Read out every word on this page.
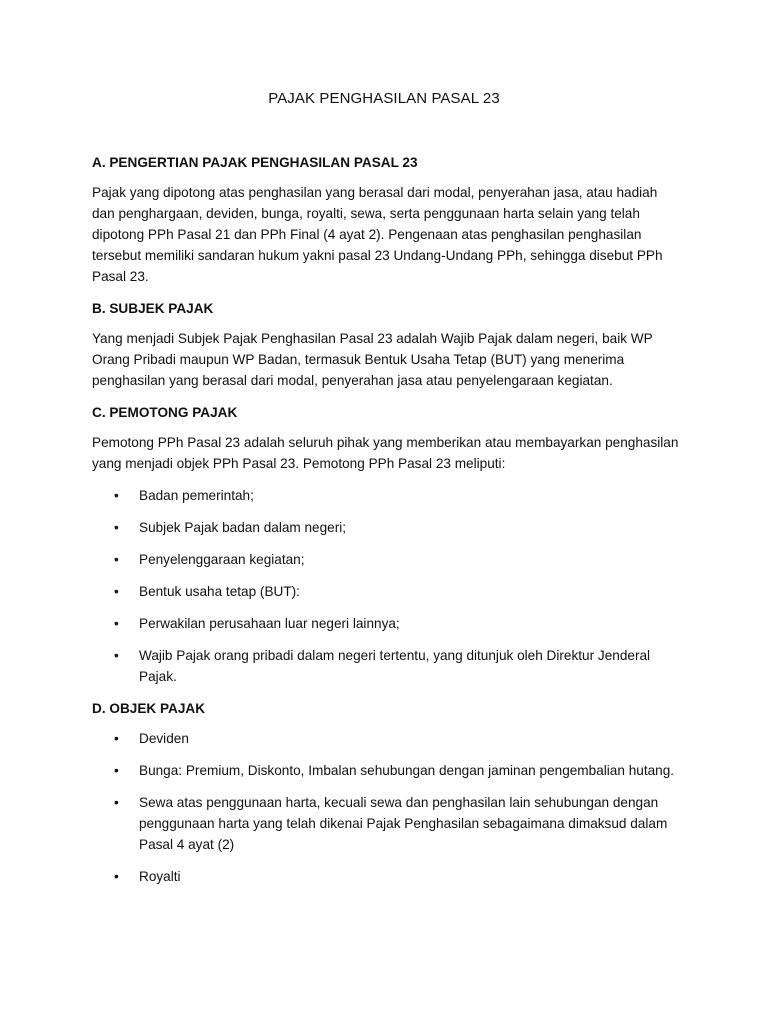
PAJAK PENGHASILAN PASAL 23
A. PENGERTIAN PAJAK PENGHASILAN PASAL 23

Pajak yang dipotong atas penghasilan yang berasal dari modal, penyerahan jasa, atau hadiah dan penghargaan, deviden, bunga, royalti, sewa, serta penggunaan harta selain yang telah dipotong PPh Pasal 21 dan PPh Final (4 ayat 2). Pengenaan atas penghasilan penghasilan tersebut memiliki sandaran hukum yakni pasal 23 Undang-Undang PPh, sehingga disebut PPh Pasal 23.

B. SUBJEK PAJAK

Yang menjadi Subjek Pajak Penghasilan Pasal 23 adalah Wajib Pajak dalam negeri, baik WP Orang Pribadi maupun WP Badan, termasuk Bentuk Usaha Tetap (BUT) yang menerima penghasilan yang berasal dari modal, penyerahan jasa atau penyelengaraan kegiatan.

C. PEMOTONG PAJAK

Pemotong PPh Pasal 23 adalah seluruh pihak yang memberikan atau membayarkan penghasilan yang menjadi objek PPh Pasal 23. Pemotong PPh Pasal 23 meliputi:

• Badan pemerintah;
• Subjek Pajak badan dalam negeri;
• Penyelenggaraan kegiatan;
• Bentuk usaha tetap (BUT):
• Perwakilan perusahaan luar negeri lainnya;
• Wajib Pajak orang pribadi dalam negeri tertentu, yang ditunjuk oleh Direktur Jenderal Pajak.
D. OBJEK PAJAK
• Deviden
• Bunga: Premium, Diskonto, Imbalan sehubungan dengan jaminan pengembalian hutang.
• Sewa atas penggunaan harta, kecuali sewa dan penghasilan lain sehubungan dengan penggunaan harta yang telah dikenai Pajak Penghasilan sebagaimana dimaksud dalam Pasal 4 ayat (2)
• Royalti
